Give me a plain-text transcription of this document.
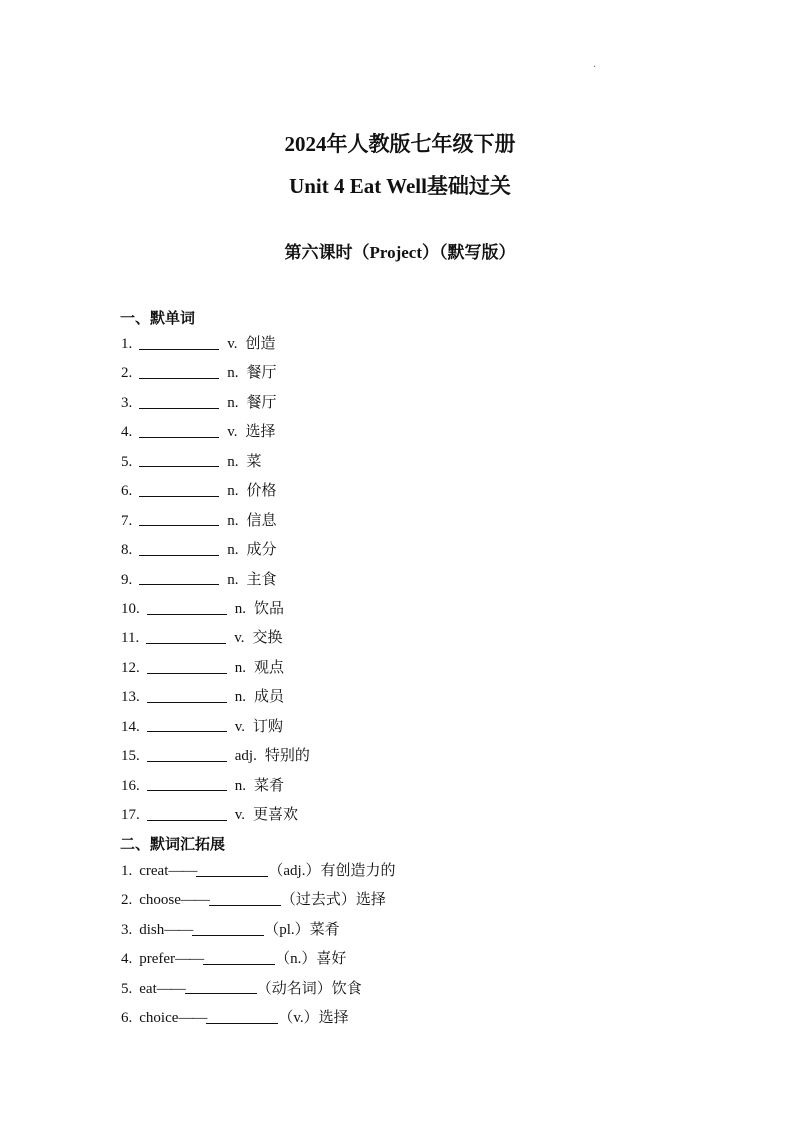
·
2024年人教版七年级下册
Unit 4 Eat Well基础过关
第六课时（Project）（默写版）
一、默单词
1.	v. 创造
2.	n. 餐厅
3.	n. 餐厅
4.	v. 选择
5.	n. 菜
6.	n. 价格
7.	n. 信息
8.	n. 成分
9.	n. 主食
10.	n. 饮品
11.	v. 交换
12.	n. 观点
13.	n. 成员
14.	v. 订购
15.	adj. 特别的
16.	n. 菜肴
17.	v. 更喜欢
二、默词汇拓展
1. creat ——	（adj.）有创造力的
2. choose ——	（过去式）选择
3. dish ——	（pl.）菜肴
4. prefer ——	（n.）喜好
5. eat ——	（动名词）饮食
6. choice ——	（v.）选择
